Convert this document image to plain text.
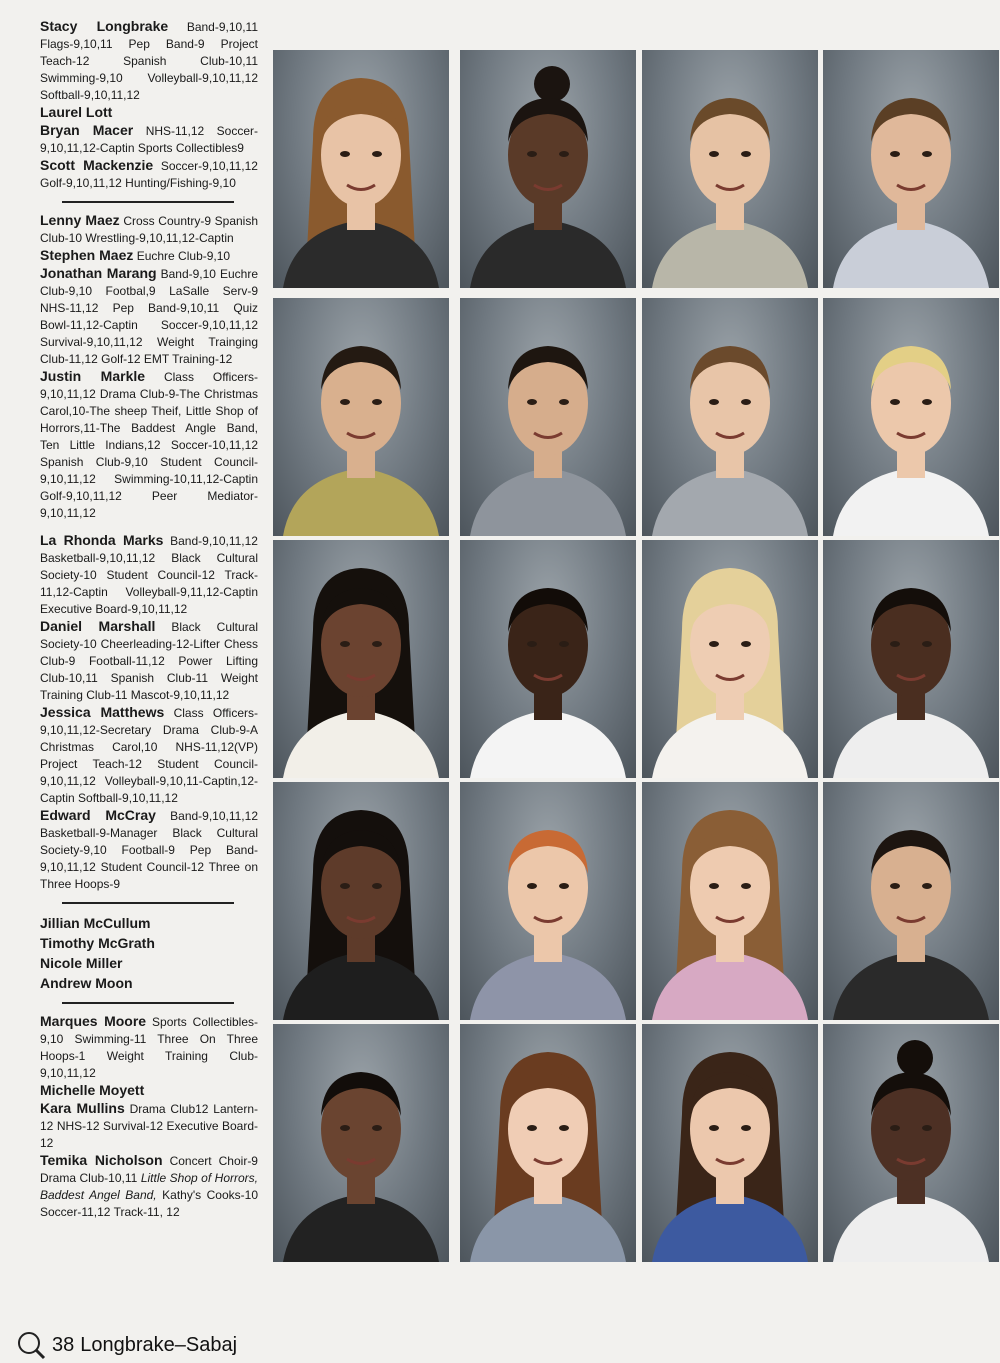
Stacy Longbrake Band-9,10,11 Flags-9,10,11 Pep Band-9 Project Teach-12 Spanish Club-10,11 Swimming-9,10 Volleyball-9,10,11,12 Softball-9,10,11,12

Laurel Lott

Bryan Macer NHS-11,12 Soccer-9,10,11,12-Captin Sports Collectibles9

Scott Mackenzie Soccer-9,10,11,12 Golf-9,10,11,12 Hunting/Fishing-9,10

Lenny Maez Cross Country-9 Spanish Club-10 Wrestling-9,10,11,12-Captin

Stephen Maez Euchre Club-9,10

Jonathan Marang Band-9,10 Euchre Club-9,10 Footbal,9 LaSalle Serv-9 NHS-11,12 Pep Band-9,10,11 Quiz Bowl-11,12-Captin Soccer-9,10,11,12 Survival-9,10,11,12 Weight Trainging Club-11,12 Golf-12 EMT Training-12

Justin Markle Class Officers-9,10,11,12 Drama Club-9-The Christmas Carol,10-The sheep Theif, Little Shop of Horrors,11-The Baddest Angle Band, Ten Little Indians,12 Soccer-10,11,12 Spanish Club-9,10 Student Council-9,10,11,12 Swimming-10,11,12-Captin Golf-9,10,11,12 Peer Mediator-9,10,11,12

La Rhonda Marks Band-9,10,11,12 Basketball-9,10,11,12 Black Cultural Society-10 Student Council-12 Track-11,12-Captin Volleyball-9,11,12-Captin Executive Board-9,10,11,12

Daniel Marshall Black Cultural Society-10 Cheerleading-12-Lifter Chess Club-9 Football-11,12 Power Lifting Club-10,11 Spanish Club-11 Weight Training Club-11 Mascot-9,10,11,12

Jessica Matthews Class Officers-9,10,11,12-Secretary Drama Club-9-A Christmas Carol,10 NHS-11,12(VP) Project Teach-12 Student Council-9,10,11,12 Volleyball-9,10,11-Captin,12-Captin Softball-9,10,11,12

Edward McCray Band-9,10,11,12 Basketball-9-Manager Black Cultural Society-9,10 Football-9 Pep Band-9,10,11,12 Student Council-12 Three on Three Hoops-9

Jillian McCullum

Timothy McGrath

Nicole Miller

Andrew Moon

Marques Moore Sports Collectibles-9,10 Swimming-11 Three On Three Hoops-1 Weight Training Club-9,10,11,12

Michelle Moyett

Kara Mullins Drama Club12 Lantern-12 NHS-12 Survival-12 Executive Board-12

Temika Nicholson Concert Choir-9 Drama Club-10,11 Little Shop of Horrors, Baddest Angel Band, Kathy's Cooks-10 Soccer-11,12 Track-11, 12

38 Longbrake–Sabaj
